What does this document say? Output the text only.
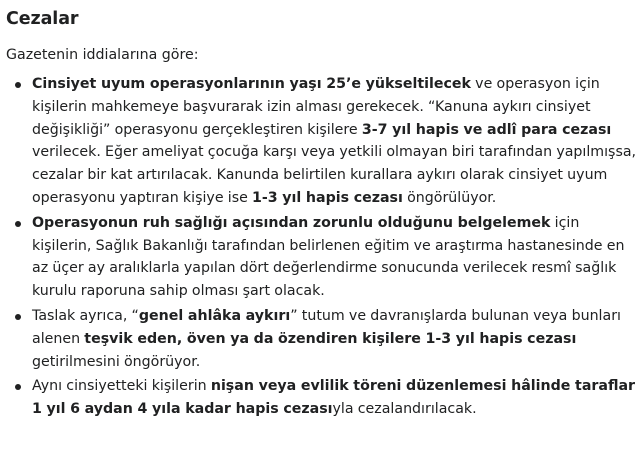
Cezalar

Gazetenin iddialarına göre:

Cinsiyet uyum operasyonlarının yaşı 25’e yükseltilecek ve operasyon için kişilerin mahkemeye başvurarak izin alması gerekecek. “Kanuna aykırı cinsiyet değişikliği” operasyonu gerçekleştiren kişilere 3-7 yıl hapis ve adlî para cezası verilecek. Eğer ameliyat çocuğa karşı veya yetkili olmayan biri tarafından yapılmışsa, cezalar bir kat artırılacak. Kanunda belirtilen kurallara aykırı olarak cinsiyet uyum operasyonu yaptıran kişiye ise 1-3 yıl hapis cezası öngörülüyor.
Operasyonun ruh sağlığı açısından zorunlu olduğunu belgelemek için kişilerin, Sağlık Bakanlığı tarafından belirlenen eğitim ve araştırma hastanesinde en az üçer ay aralıklarla yapılan dört değerlendirme sonucunda verilecek resmî sağlık kurulu raporuna sahip olması şart olacak.
Taslak ayrıca, “genel ahlâka aykırı” tutum ve davranışlarda bulunan veya bunları alenen teşvik eden, öven ya da özendiren kişilere 1-3 yıl hapis cezası getirilmesini öngörüyor.
Aynı cinsiyetteki kişilerin nişan veya evlilik töreni düzenlemesi hâlinde taraflar 1 yıl 6 aydan 4 yıla kadar hapis cezasıyla cezalandırılacak.
